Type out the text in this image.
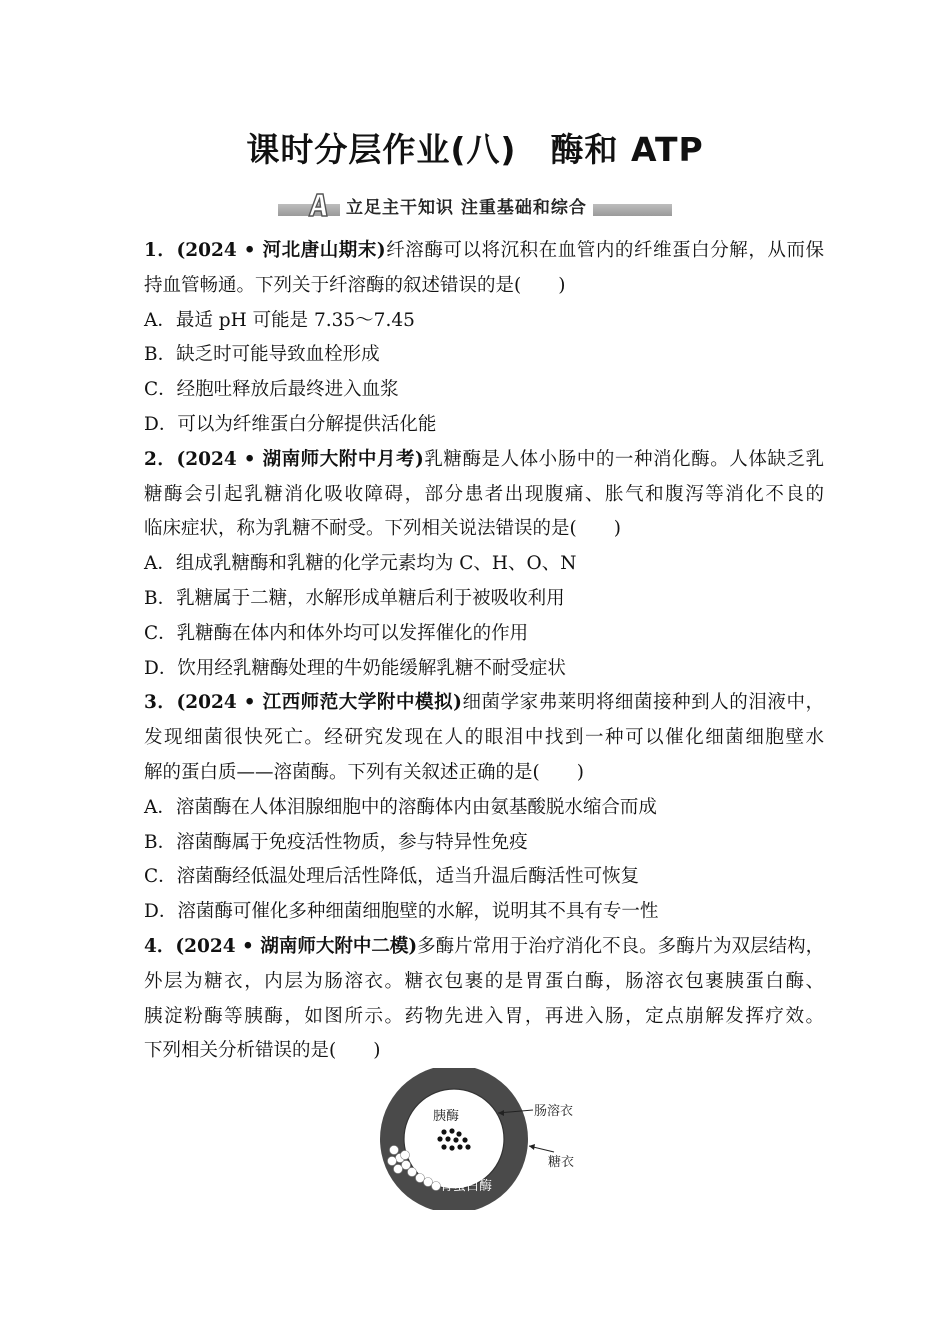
课时分层作业(八) 酶和 ATP
立足主干知识 注重基础和综合
1．(2024 • 河北唐山期末)纤溶酶可以将沉积在血管内的纤维蛋白分解，从而保
持血管畅通。下列关于纤溶酶的叙述错误的是(　　)
A．最适 pH 可能是 7.35～7.45
B．缺乏时可能导致血栓形成
C．经胞吐释放后最终进入血浆
D．可以为纤维蛋白分解提供活化能
2．(2024 • 湖南师大附中月考)乳糖酶是人体小肠中的一种消化酶。人体缺乏乳
糖酶会引起乳糖消化吸收障碍，部分患者出现腹痛、胀气和腹泻等消化不良的
临床症状，称为乳糖不耐受。下列相关说法错误的是(　　)
A．组成乳糖酶和乳糖的化学元素均为 C、H、O、N
B．乳糖属于二糖，水解形成单糖后利于被吸收利用
C．乳糖酶在体内和体外均可以发挥催化的作用
D．饮用经乳糖酶处理的牛奶能缓解乳糖不耐受症状
3．(2024 • 江西师范大学附中模拟)细菌学家弗莱明将细菌接种到人的泪液中，
发现细菌很快死亡。经研究发现在人的眼泪中找到一种可以催化细菌细胞壁水
解的蛋白质——溶菌酶。下列有关叙述正确的是(　　)
A．溶菌酶在人体泪腺细胞中的溶酶体内由氨基酸脱水缩合而成
B．溶菌酶属于免疫活性物质，参与特异性免疫
C．溶菌酶经低温处理后活性降低，适当升温后酶活性可恢复
D．溶菌酶可催化多种细菌细胞壁的水解，说明其不具有专一性
4．(2024 • 湖南师大附中二模)多酶片常用于治疗消化不良。多酶片为双层结构，
外层为糖衣，内层为肠溶衣。糖衣包裹的是胃蛋白酶，肠溶衣包裹胰蛋白酶、
胰淀粉酶等胰酶，如图所示。药物先进入胃，再进入肠，定点崩解发挥疗效。
下列相关分析错误的是(　　)
胰酶
胃蛋白酶
肠溶衣
糖衣
